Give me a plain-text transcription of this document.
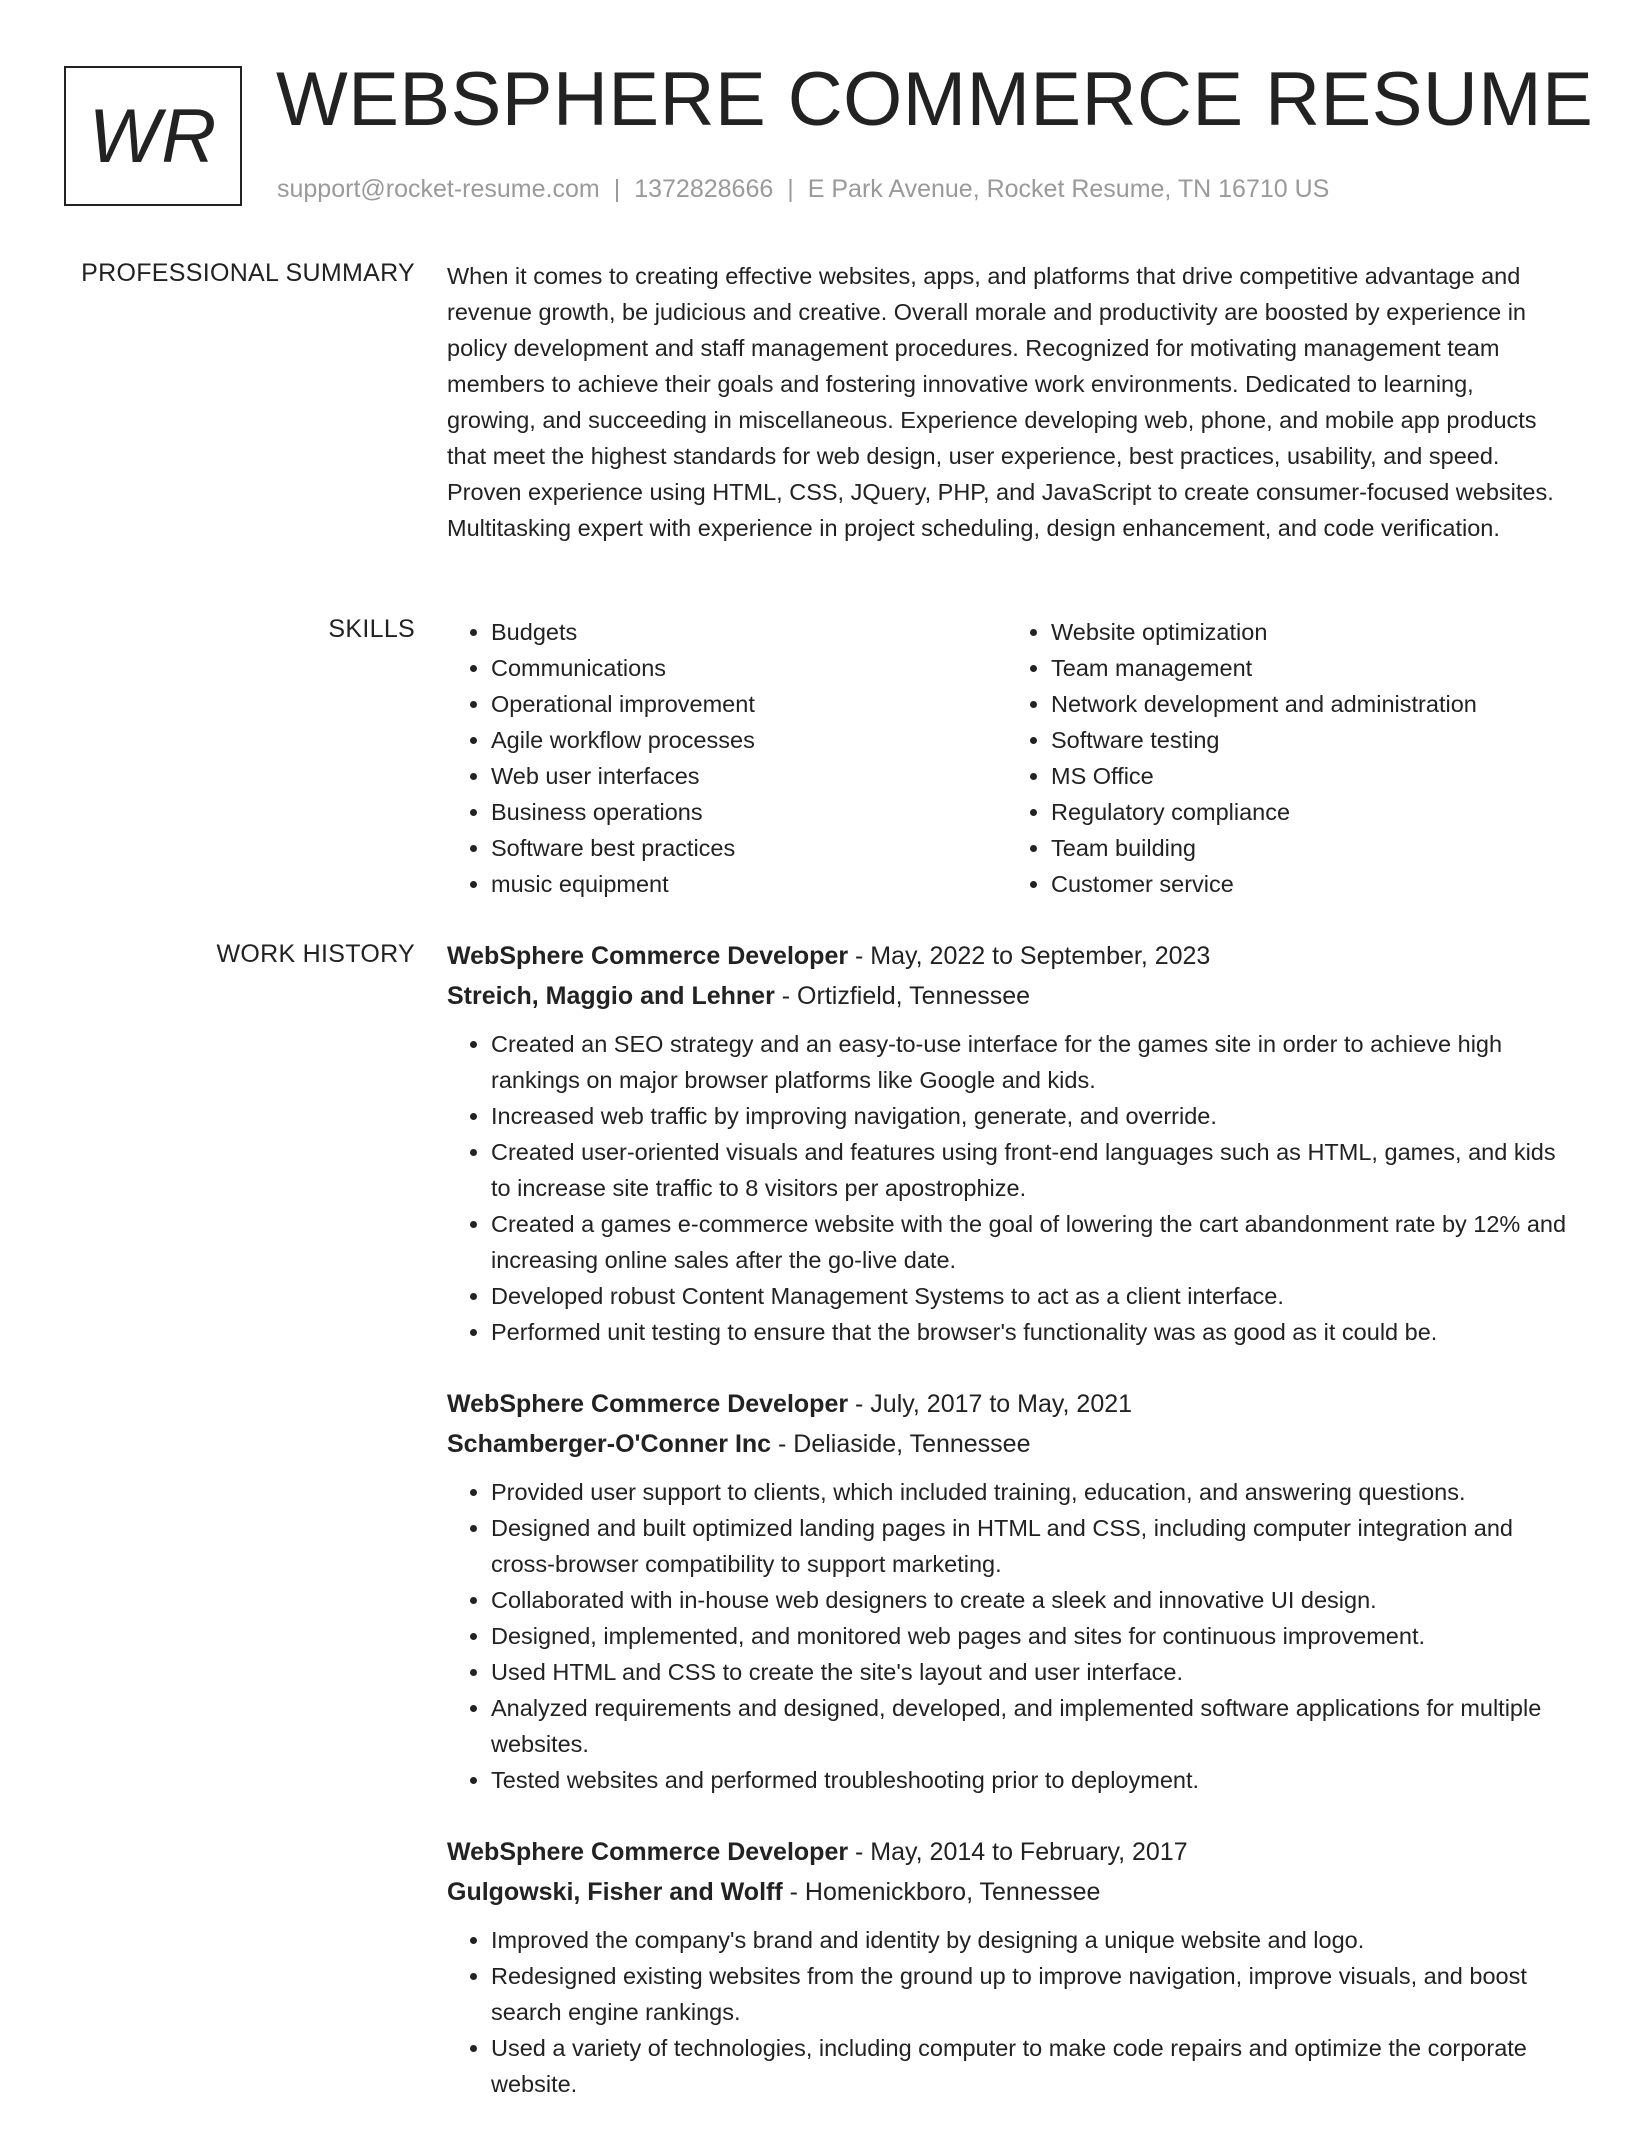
WR WEBSPHERE COMMERCE RESUME
support@rocket-resume.com | 1372828666 | E Park Avenue, Rocket Resume, TN 16710 US
PROFESSIONAL SUMMARY When it comes to creating effective websites, apps, and platforms that drive competitive advantage and revenue growth, be judicious and creative. Overall morale and productivity are boosted by experience in policy development and staff management procedures. Recognized for motivating management team members to achieve their goals and fostering innovative work environments. Dedicated to learning, growing, and succeeding in miscellaneous. Experience developing web, phone, and mobile app products that meet the highest standards for web design, user experience, best practices, usability, and speed. Proven experience using HTML, CSS, JQuery, PHP, and JavaScript to create consumer-focused websites. Multitasking expert with experience in project scheduling, design enhancement, and code verification.

SKILLS
•	Budgets
• Communications
• Operational improvement
• Agile workflow processes
• Web user interfaces
• Business operations
• Software best practices
• music equipment
• Website optimization
• Team management
• Network development and administration
• Software testing
• MS Office
• Regulatory compliance
• Team building
• Customer service
WORK HISTORY WebSphere Commerce Developer - May, 2022 to September, 2023
Streich, Maggio and Lehner - Ortizfield, Tennessee
• Created an SEO strategy and an easy-to-use interface for the games site in order to achieve high rankings on major browser platforms like Google and kids.
• Increased web traffic by improving navigation, generate, and override.
• Created user-oriented visuals and features using front-end languages such as HTML, games, and kids to increase site traffic to 8 visitors per apostrophize.
• Created a games e-commerce website with the goal of lowering the cart abandonment rate by 12% and increasing online sales after the go-live date.
• Developed robust Content Management Systems to act as a client interface.
• Performed unit testing to ensure that the browser's functionality was as good as it could be.
WebSphere Commerce Developer - July, 2017 to May, 2021
Schamberger-O'Conner Inc - Deliaside, Tennessee
• Provided user support to clients, which included training, education, and answering questions.
• Designed and built optimized landing pages in HTML and CSS, including computer integration and cross-browser compatibility to support marketing.
• Collaborated with in-house web designers to create a sleek and innovative UI design.
• Designed, implemented, and monitored web pages and sites for continuous improvement.
• Used HTML and CSS to create the site's layout and user interface.
• Analyzed requirements and designed, developed, and implemented software applications for multiple websites.
• Tested websites and performed troubleshooting prior to deployment.
WebSphere Commerce Developer - May, 2014 to February, 2017
Gulgowski, Fisher and Wolff - Homenickboro, Tennessee
• Improved the company's brand and identity by designing a unique website and logo.
• Redesigned existing websites from the ground up to improve navigation, improve visuals, and boost search engine rankings.
• Used a variety of technologies, including computer to make code repairs and optimize the corporate website.
